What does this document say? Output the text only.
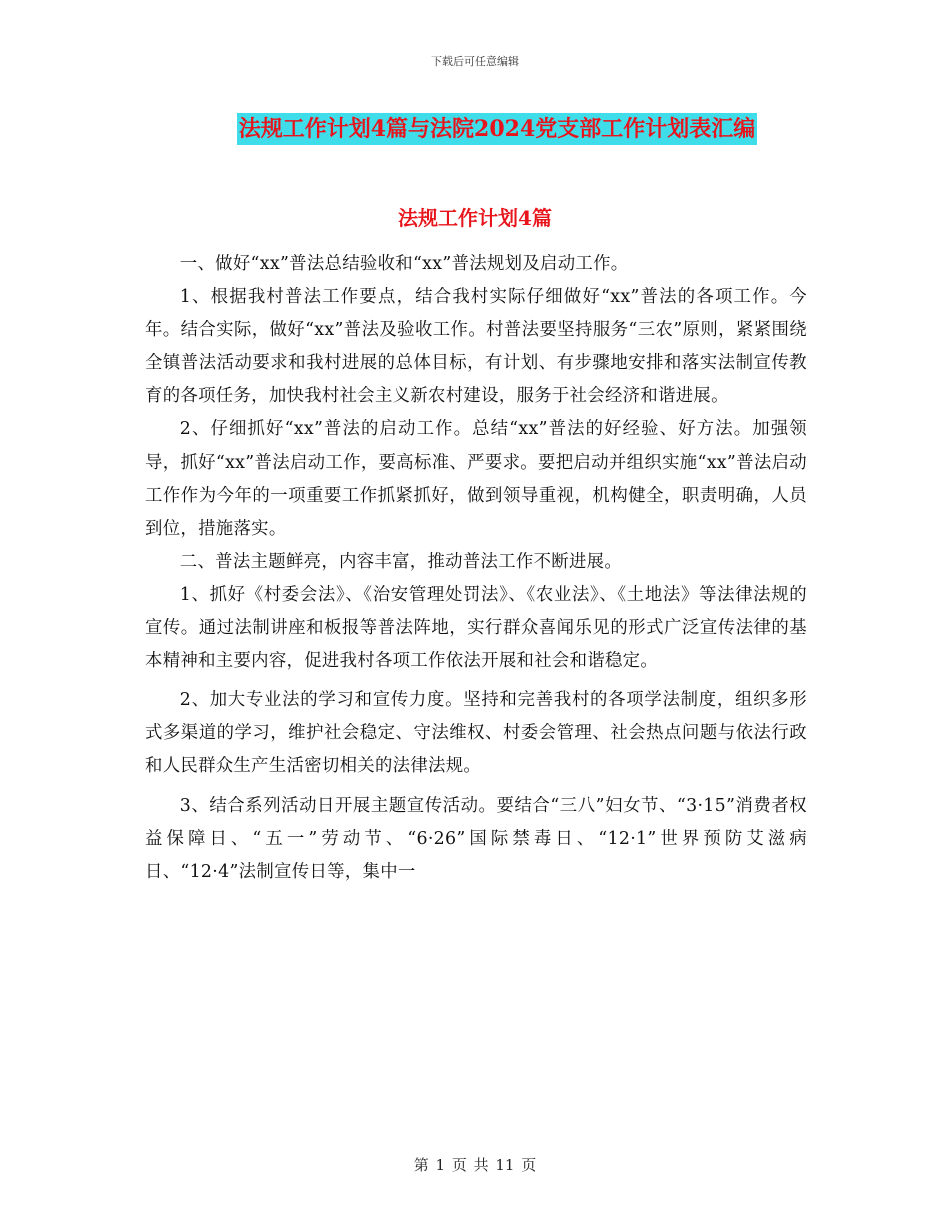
下载后可任意编辑
法规工作计划4篇与法院2024党支部工作计划表汇编
法规工作计划4篇

一、做好“xx”普法总结验收和“xx”普法规划及启动工作。

1、根据我村普法工作要点，结合我村实际仔细做好“xx”普法的各项工作。今年。结合实际，做好“xx”普法及验收工作。村普法要坚持服务“三农”原则，紧紧围绕全镇普法活动要求和我村进展的总体目标，有计划、有步骤地安排和落实法制宣传教育的各项任务，加快我村社会主义新农村建设，服务于社会经济和谐进展。

2、仔细抓好“xx”普法的启动工作。总结“xx”普法的好经验、好方法。加强领导，抓好“xx”普法启动工作，要高标准、严要求。要把启动并组织实施“xx”普法启动工作作为今年的一项重要工作抓紧抓好，做到领导重视，机构健全，职责明确，人员到位，措施落实。

二、普法主题鲜亮，内容丰富，推动普法工作不断进展。

1、抓好《村委会法》、《治安管理处罚法》、《农业法》、《土地法》等法律法规的宣传。通过法制讲座和板报等普法阵地，实行群众喜闻乐见的形式广泛宣传法律的基本精神和主要内容，促进我村各项工作依法开展和社会和谐稳定。

2、加大专业法的学习和宣传力度。坚持和完善我村的各项学法制度，组织多形式多渠道的学习，维护社会稳定、守法维权、村委会管理、社会热点问题与依法行政和人民群众生产生活密切相关的法律法规。

3、结合系列活动日开展主题宣传活动。要结合“三八”妇女节、“3·15”消费者权益保障日、“五一”劳动节、“6·26”国际禁毒日、“12·1”世界预防艾滋病日、“12·4”法制宣传日等，集中一

第 1 页 共 11 页
